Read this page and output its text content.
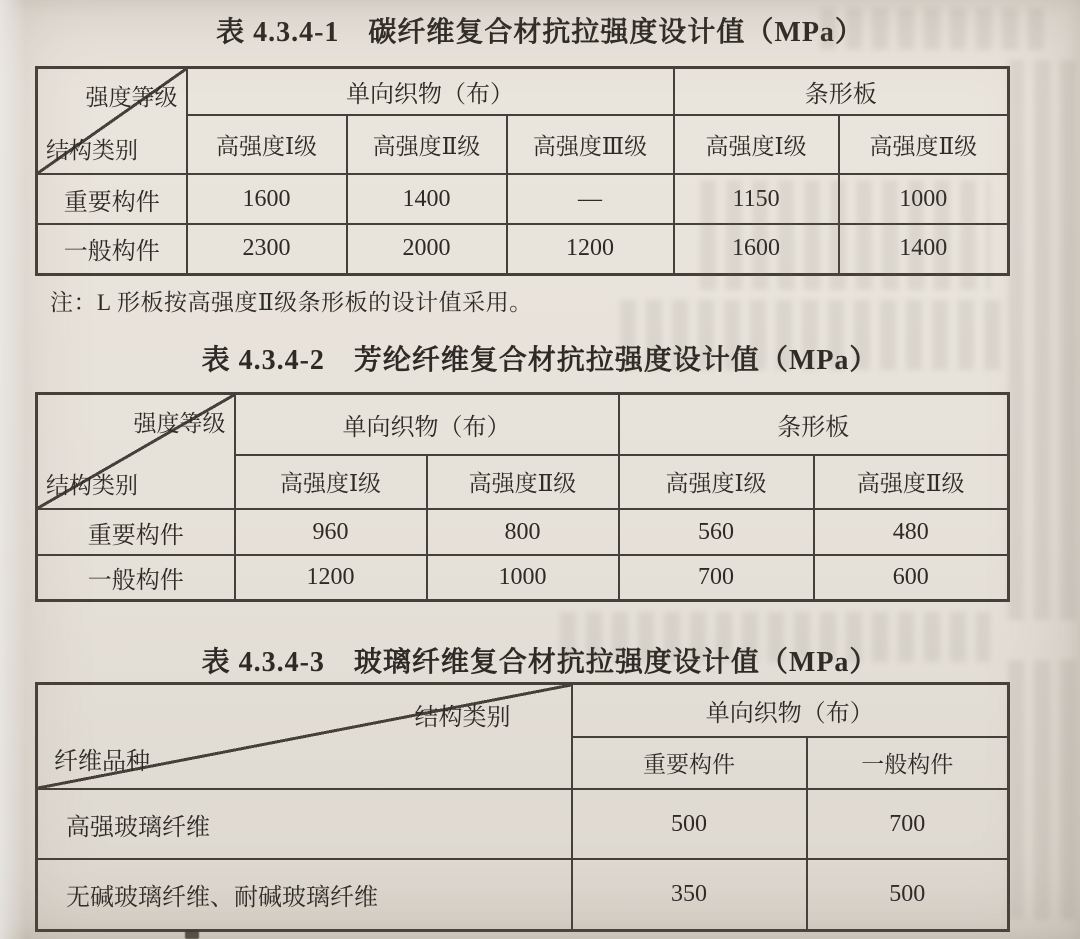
表 4.3.4-1　碳纤维复合材抗拉强度设计值（MPa）
强度等级
结构类别	单向织物（布）			条形板	
	高强度Ⅰ级	高强度Ⅱ级	高强度Ⅲ级	高强度Ⅰ级	高强度Ⅱ级
重要构件	1600	1400	—	1150	1000
一般构件	2300	2000	1200	1600	1400
注：L 形板按高强度Ⅱ级条形板的设计值采用。
表 4.3.4-2　芳纶纤维复合材抗拉强度设计值（MPa）
强度等级
结构类别	单向织物（布）		条形板	
	高强度Ⅰ级	高强度Ⅱ级	高强度Ⅰ级	高强度Ⅱ级
重要构件	960	800	560	480
一般构件	1200	1000	700	600
表 4.3.4-3　玻璃纤维复合材抗拉强度设计值（MPa）
结构类别
纤维品种	单向织物（布）	
	重要构件	一般构件
高强玻璃纤维	500	700
无碱玻璃纤维、耐碱玻璃纤维	350	500
